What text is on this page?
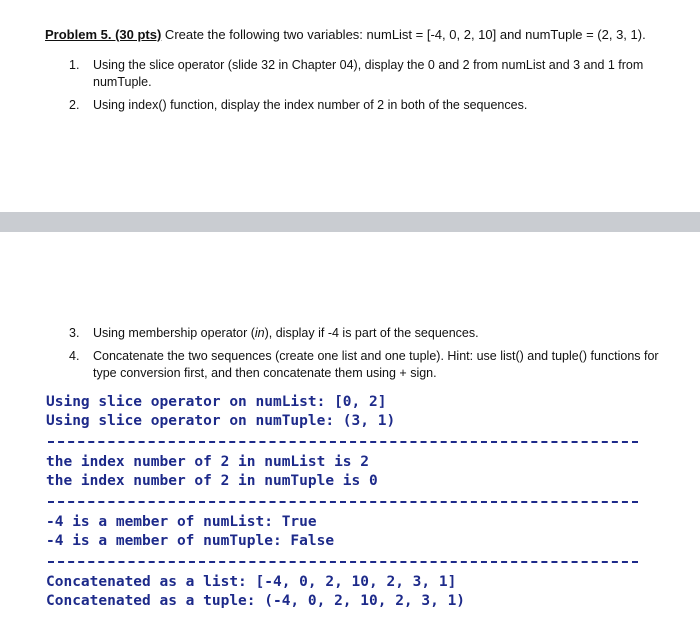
Problem 5. (30 pts) Create the following two variables: numList = [-4, 0, 2, 10] and numTuple = (2, 3, 1).
1. Using the slice operator (slide 32 in Chapter 04), display the 0 and 2 from numList and 3 and 1 from numTuple.
2. Using index() function, display the index number of 2 in both of the sequences.
3. Using membership operator (in), display if -4 is part of the sequences.
4. Concatenate the two sequences (create one list and one tuple). Hint: use list() and tuple() functions for type conversion first, and then concatenate them using + sign.
Using slice operator on numList: [0, 2]
Using slice operator on numTuple: (3, 1)
the index number of 2 in numList is 2
the index number of 2 in numTuple is 0
-4 is a member of numList: True
-4 is a member of numTuple: False
Concatenated as a list: [-4, 0, 2, 10, 2, 3, 1]
Concatenated as a tuple: (-4, 0, 2, 10, 2, 3, 1)
